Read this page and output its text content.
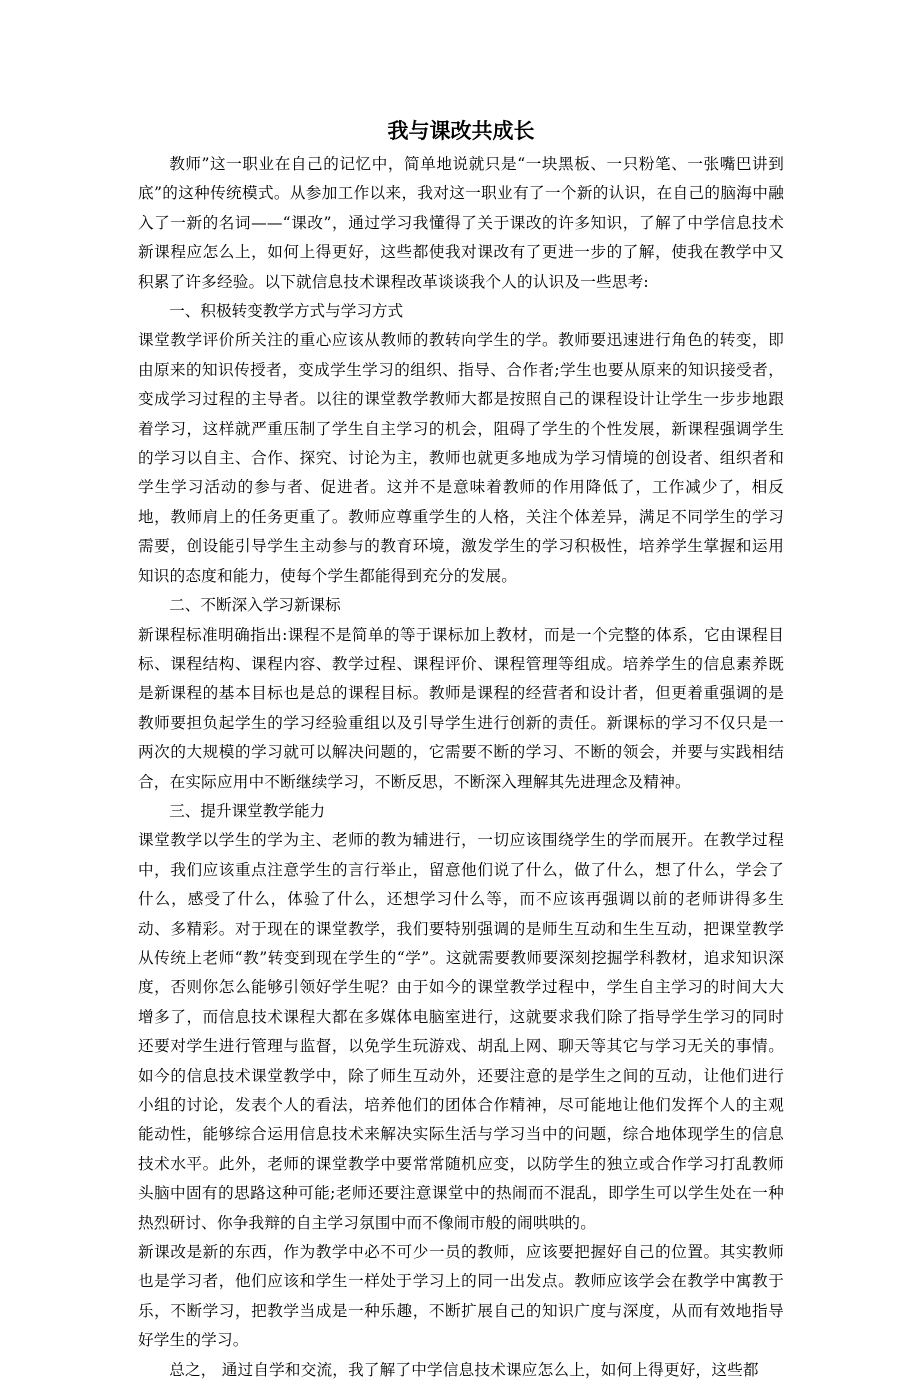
我与课改共成长

教师”这一职业在自己的记忆中，简单地说就只是“一块黑板、一只粉笔、一张嘴巴讲到底”的这种传统模式。从参加工作以来，我对这一职业有了一个新的认识，在自己的脑海中融入了一新的名词——“课改”，通过学习我懂得了关于课改的许多知识，了解了中学信息技术新课程应怎么上，如何上得更好，这些都使我对课改有了更进一步的了解，使我在教学中又积累了许多经验。以下就信息技术课程改革谈谈我个人的认识及一些思考:

一、积极转变教学方式与学习方式

课堂教学评价所关注的重心应该从教师的教转向学生的学。教师要迅速进行角色的转变，即由原来的知识传授者，变成学生学习的组织、指导、合作者;学生也要从原来的知识接受者，变成学习过程的主导者。以往的课堂教学教师大都是按照自己的课程设计让学生一步步地跟着学习，这样就严重压制了学生自主学习的机会，阻碍了学生的个性发展，新课程强调学生的学习以自主、合作、探究、讨论为主，教师也就更多地成为学习情境的创设者、组织者和学生学习活动的参与者、促进者。这并不是意味着教师的作用降低了，工作减少了，相反地，教师肩上的任务更重了。教师应尊重学生的人格，关注个体差异，满足不同学生的学习需要，创设能引导学生主动参与的教育环境，激发学生的学习积极性，培养学生掌握和运用知识的态度和能力，使每个学生都能得到充分的发展。

二、不断深入学习新课标

新课程标准明确指出:课程不是简单的等于课标加上教材，而是一个完整的体系，它由课程目标、课程结构、课程内容、教学过程、课程评价、课程管理等组成。培养学生的信息素养既是新课程的基本目标也是总的课程目标。教师是课程的经营者和设计者，但更着重强调的是教师要担负起学生的学习经验重组以及引导学生进行创新的责任。新课标的学习不仅只是一两次的大规模的学习就可以解决问题的，它需要不断的学习、不断的领会，并要与实践相结合，在实际应用中不断继续学习，不断反思，不断深入理解其先进理念及精神。

三、提升课堂教学能力

课堂教学以学生的学为主、老师的教为辅进行，一切应该围绕学生的学而展开。在教学过程中，我们应该重点注意学生的言行举止，留意他们说了什么，做了什么，想了什么，学会了什么，感受了什么，体验了什么，还想学习什么等，而不应该再强调以前的老师讲得多生动、多精彩。对于现在的课堂教学，我们要特别强调的是师生互动和生生互动，把课堂教学从传统上老师“教”转变到现在学生的“学”。这就需要教师要深刻挖掘学科教材，追求知识深度，否则你怎么能够引领好学生呢？由于如今的课堂教学过程中，学生自主学习的时间大大增多了，而信息技术课程大都在多媒体电脑室进行，这就要求我们除了指导学生学习的同时还要对学生进行管理与监督，以免学生玩游戏、胡乱上网、聊天等其它与学习无关的事情。如今的信息技术课堂教学中，除了师生互动外，还要注意的是学生之间的互动，让他们进行小组的讨论，发表个人的看法，培养他们的团体合作精神，尽可能地让他们发挥个人的主观能动性，能够综合运用信息技术来解决实际生活与学习当中的问题，综合地体现学生的信息技术水平。此外，老师的课堂教学中要常常随机应变，以防学生的独立或合作学习打乱教师头脑中固有的思路这种可能;老师还要注意课堂中的热闹而不混乱，即学生可以学生处在一种热烈研讨、你争我辩的自主学习氛围中而不像闹市般的闹哄哄的。

新课改是新的东西，作为教学中必不可少一员的教师，应该要把握好自己的位置。其实教师也是学习者，他们应该和学生一样处于学习上的同一出发点。教师应该学会在教学中寓教于乐，不断学习，把教学当成是一种乐趣，不断扩展自己的知识广度与深度，从而有效地指导好学生的学习。

总之， 通过自学和交流，我了解了中学信息技术课应怎么上，如何上得更好，这些都
